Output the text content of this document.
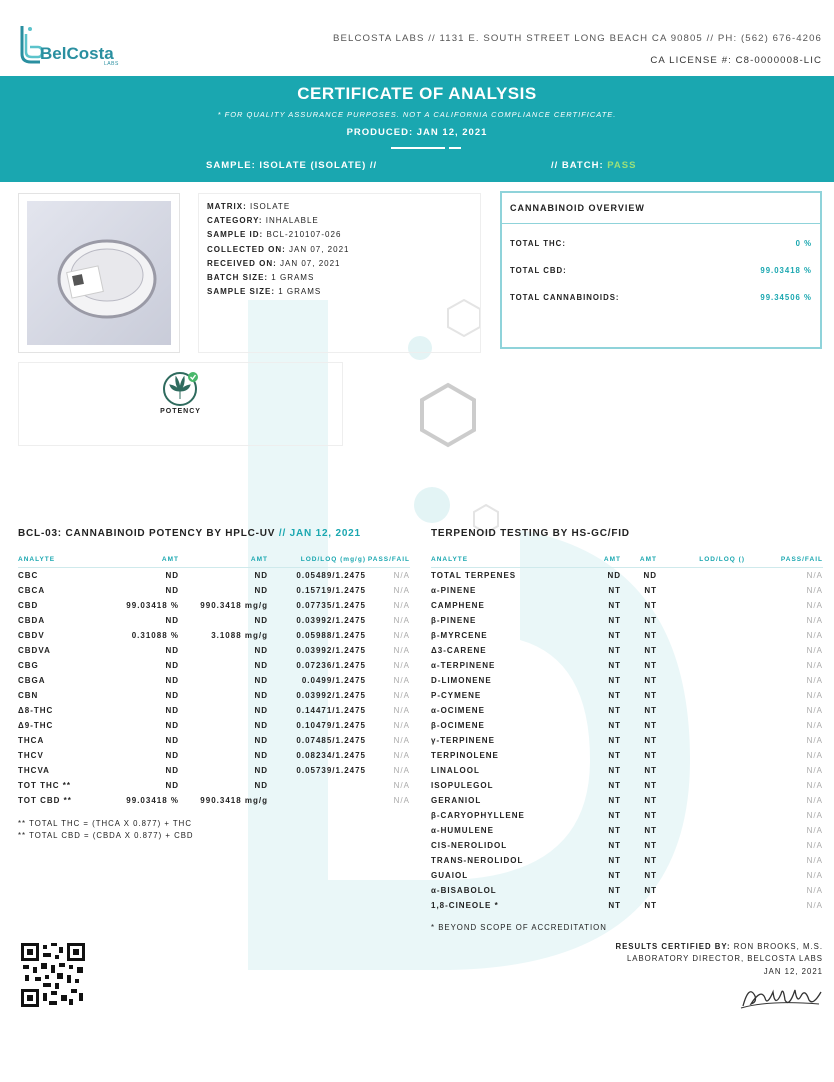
BelCosta
LABS
BELCOSTA LABS // 1131 E. SOUTH STREET LONG BEACH CA 90805 // PH: (562) 676-4206
CA LICENSE #: C8-0000008-LIC
CERTIFICATE OF ANALYSIS
* FOR QUALITY ASSURANCE PURPOSES. NOT A CALIFORNIA COMPLIANCE CERTIFICATE.
PRODUCED: JAN 12, 2021
SAMPLE: ISOLATE (ISOLATE) //	// BATCH: PASS
MATRIX: ISOLATE
CATEGORY: INHALABLE
SAMPLE ID: BCL-210107-026
COLLECTED ON: JAN 07, 2021
RECEIVED ON: JAN 07, 2021
BATCH SIZE: 1 GRAMS
SAMPLE SIZE: 1 GRAMS
CANNABINOID OVERVIEW
TOTAL THC:	0 %
TOTAL CBD:	99.03418 %
TOTAL CANNABINOIDS:	99.34506 %
POTENCY
BCL-03: CANNABINOID POTENCY BY HPLC-UV // JAN 12, 2021	TERPENOID TESTING BY HS-GC/FID
ANALYTE	AMT	AMT	LOD/LOQ (mg/g)	PASS/FAIL
CBC	ND	ND	0.05489/1.2475	N/A
CBCA	ND	ND	0.15719/1.2475	N/A
CBD	99.03418 %	990.3418 mg/g	0.07735/1.2475	N/A
CBDA	ND	ND	0.03992/1.2475	N/A
CBDV	0.31088 %	3.1088 mg/g	0.05988/1.2475	N/A
CBDVA	ND	ND	0.03992/1.2475	N/A
CBG	ND	ND	0.07236/1.2475	N/A
CBGA	ND	ND	0.0499/1.2475	N/A
CBN	ND	ND	0.03992/1.2475	N/A
Δ8-THC	ND	ND	0.14471/1.2475	N/A
Δ9-THC	ND	ND	0.10479/1.2475	N/A
THCA	ND	ND	0.07485/1.2475	N/A
THCV	ND	ND	0.08234/1.2475	N/A
THCVA	ND	ND	0.05739/1.2475	N/A
TOT THC **	ND	ND		N/A
TOT CBD **	99.03418 %	990.3418 mg/g		N/A
ANALYTE	AMT	AMT	LOD/LOQ ()	PASS/FAIL
TOTAL TERPENES	ND	ND		N/A
α-PINENE	NT	NT		N/A
CAMPHENE	NT	NT		N/A
β-PINENE	NT	NT		N/A
β-MYRCENE	NT	NT		N/A
Δ3-CARENE	NT	NT		N/A
α-TERPINENE	NT	NT		N/A
D-LIMONENE	NT	NT		N/A
P-CYMENE	NT	NT		N/A
α-OCIMENE	NT	NT		N/A
β-OCIMENE	NT	NT		N/A
γ-TERPINENE	NT	NT		N/A
TERPINOLENE	NT	NT		N/A
LINALOOL	NT	NT		N/A
ISOPULEGOL	NT	NT		N/A
GERANIOL	NT	NT		N/A
β-CARYOPHYLLENE	NT	NT		N/A
α-HUMULENE	NT	NT		N/A
CIS-NEROLIDOL	NT	NT		N/A
TRANS-NEROLIDOL	NT	NT		N/A
GUAIOL	NT	NT		N/A
α-BISABOLOL	NT	NT		N/A
1,8-CINEOLE *	NT	NT		N/A
** TOTAL THC = (THCA X 0.877) + THC
** TOTAL CBD = (CBDA X 0.877) + CBD
* BEYOND SCOPE OF ACCREDITATION
RESULTS CERTIFIED BY: RON BROOKS, M.S.
LABORATORY DIRECTOR, BELCOSTA LABS
JAN 12, 2021
